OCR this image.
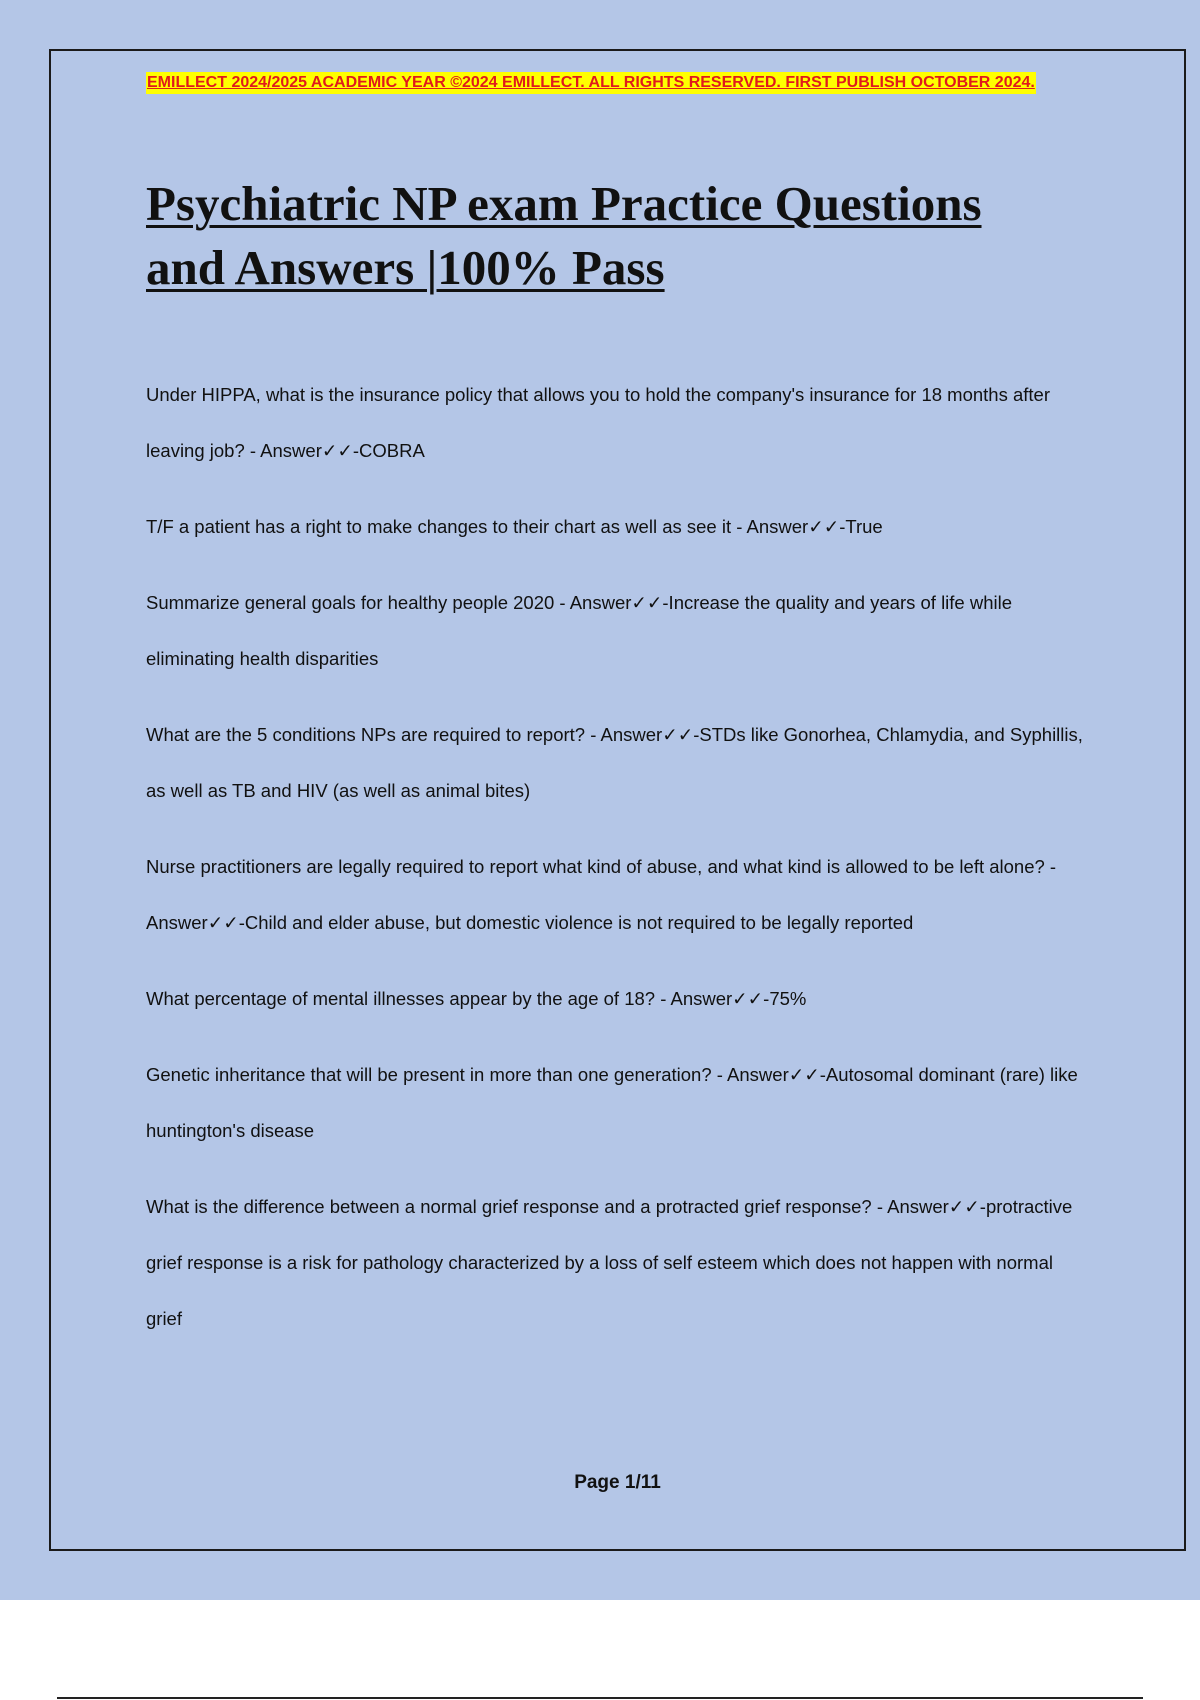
EMILLECT 2024/2025 ACADEMIC YEAR ©2024 EMILLECT. ALL RIGHTS RESERVED. FIRST PUBLISH OCTOBER 2024.
Psychiatric NP exam Practice Questions
and Answers |100% Pass
Under HIPPA, what is the insurance policy that allows you to hold the company's insurance for 18 months after leaving job? - Answer✓✓-COBRA
T/F a patient has a right to make changes to their chart as well as see it - Answer✓✓-True
Summarize general goals for healthy people 2020 - Answer✓✓-Increase the quality and years of life while eliminating health disparities
What are the 5 conditions NPs are required to report? - Answer✓✓-STDs like Gonorhea, Chlamydia, and Syphillis, as well as TB and HIV (as well as animal bites)
Nurse practitioners are legally required to report what kind of abuse, and what kind is allowed to be left alone? - Answer✓✓-Child and elder abuse, but domestic violence is not required to be legally reported
What percentage of mental illnesses appear by the age of 18? - Answer✓✓-75%
Genetic inheritance that will be present in more than one generation? - Answer✓✓-Autosomal dominant (rare) like huntington's disease
What is the difference between a normal grief response and a protracted grief response? - Answer✓✓-protractive grief response is a risk for pathology characterized by a loss of self esteem which does not happen with normal grief
Page 1/11
